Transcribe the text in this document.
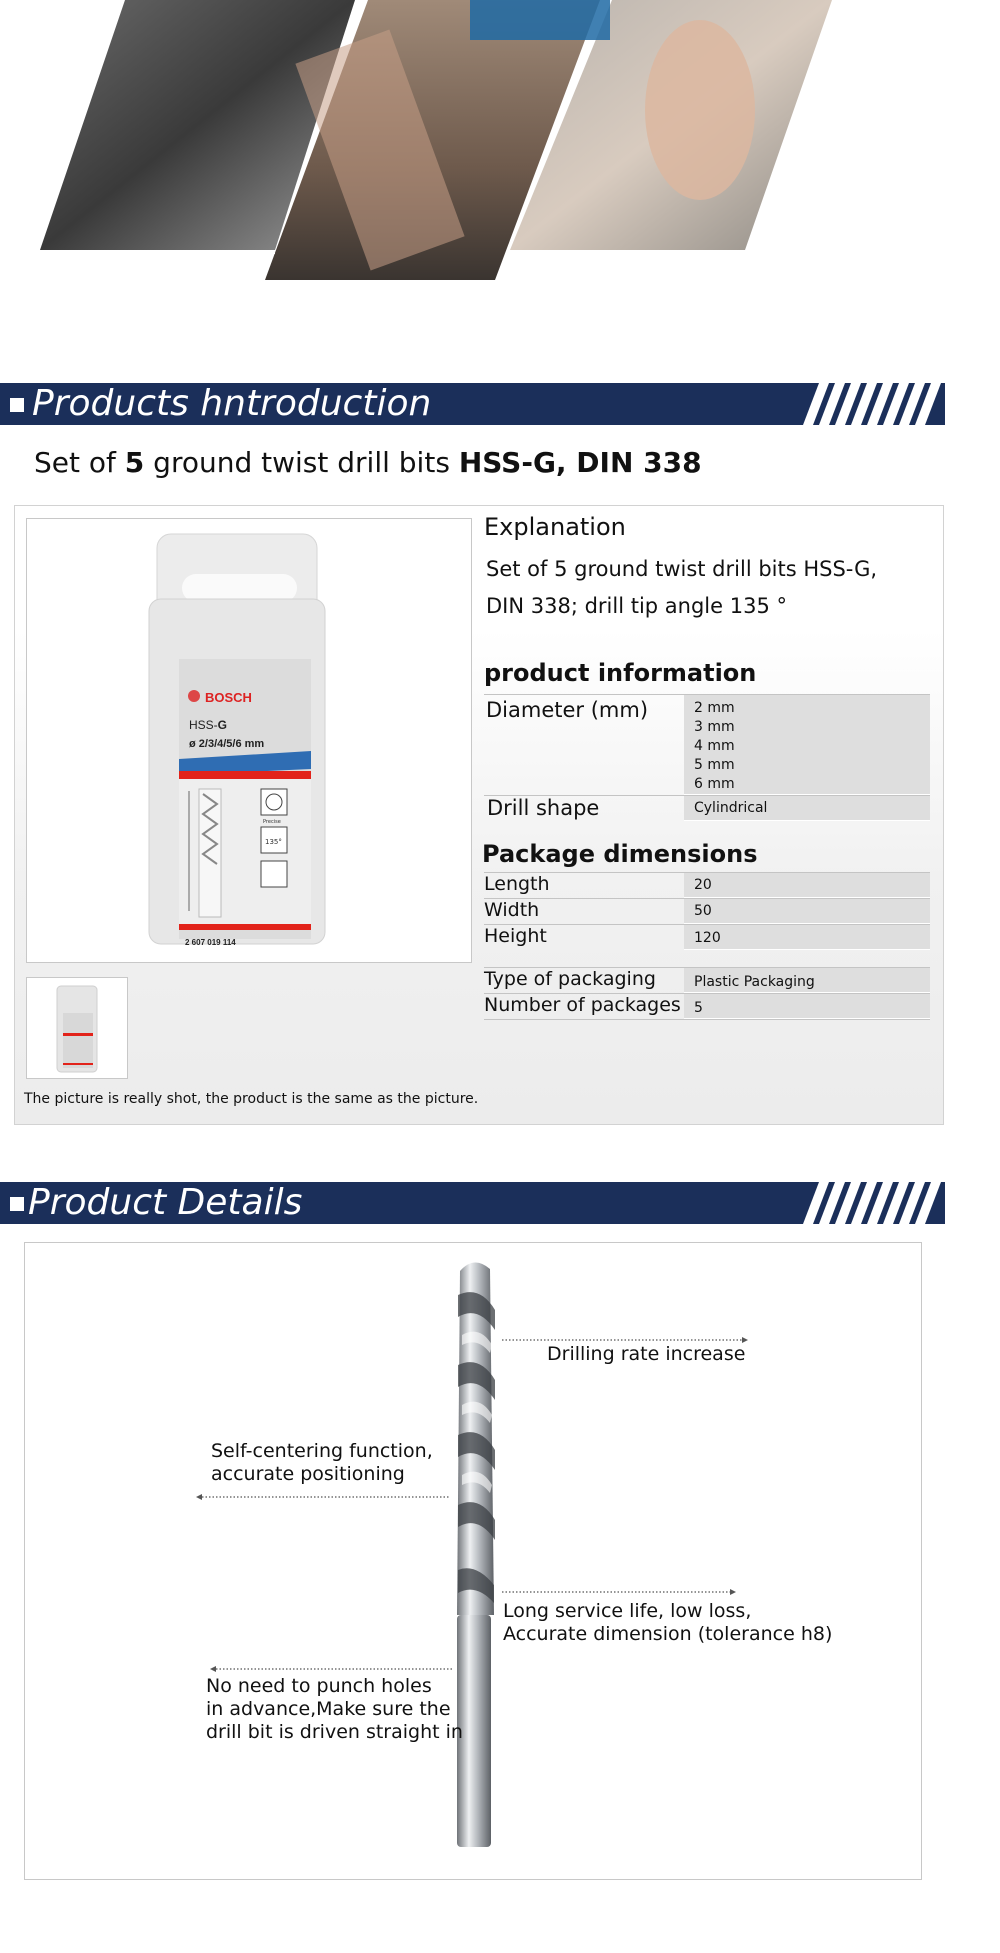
Products hntroduction
Set of 5 ground twist drill bits HSS-G, DIN 338
BOSCH
HSS-G
ø 2/3/4/5/6 mm
Precise
135°
2 607 019 114
The picture is really shot, the product is the same as the picture.
Explanation
Set of 5 ground twist drill bits HSS-G,
DIN 338; drill tip angle 135 °
product information
Diameter (mm)	2 mm
3 mm
4 mm
5 mm
6 mm
Drill shape	Cylindrical
Package dimensions
Length	20
Width	50
Height	120
Type of packaging	Plastic Packaging
Number of packages 5
Product Details
Drilling rate increase
Self-centering function,
accurate positioning
Long service life, low loss,
Accurate dimension (tolerance h8)
No need to punch holes
in advance,Make sure the
drill bit is driven straight in
